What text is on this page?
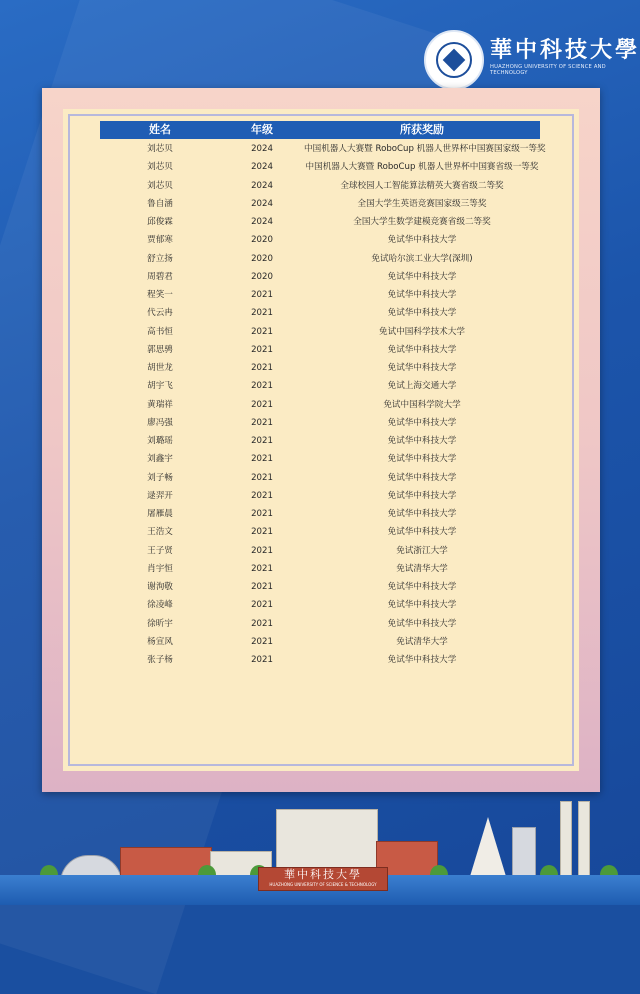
華中科技大學
HUAZHONG UNIVERSITY OF SCIENCE AND TECHNOLOGY
姓名	年级	所获奖励
刘芯贝	2024	中国机器人大赛暨 RoboCup 机器人世界杯中国赛国家级一等奖
刘芯贝	2024	中国机器人大赛暨 RoboCup 机器人世界杯中国赛省级一等奖
刘芯贝	2024	全球校园人工智能算法精英大赛省级二等奖
鲁自涵	2024	全国大学生英语竞赛国家级三等奖
邱俊霖	2024	全国大学生数学建模竞赛省级二等奖
贾郁寒	2020	免试华中科技大学
舒立扬	2020	免试哈尔滨工业大学(深圳)
周碧君	2020	免试华中科技大学
程笑一	2021	免试华中科技大学
代云冉	2021	免试华中科技大学
高书恒	2021	免试中国科学技术大学
郭思骋	2021	免试华中科技大学
胡世龙	2021	免试华中科技大学
胡宇飞	2021	免试上海交通大学
黄瑞祥	2021	免试中国科学院大学
廖冯强	2021	免试华中科技大学
刘璐瑶	2021	免试华中科技大学
刘鑫宇	2021	免试华中科技大学
刘子畅	2021	免试华中科技大学
逯羿开	2021	免试华中科技大学
屠雁晨	2021	免试华中科技大学
王浩文	2021	免试华中科技大学
王子贤	2021	免试浙江大学
肖宇恒	2021	免试清华大学
谢洵敬	2021	免试华中科技大学
徐凌峰	2021	免试华中科技大学
徐昕宇	2021	免试华中科技大学
杨宣风	2021	免试清华大学
张子杨	2021	免试华中科技大学
華中科技大學
HUAZHONG UNIVERSITY OF SCIENCE & TECHNOLOGY
